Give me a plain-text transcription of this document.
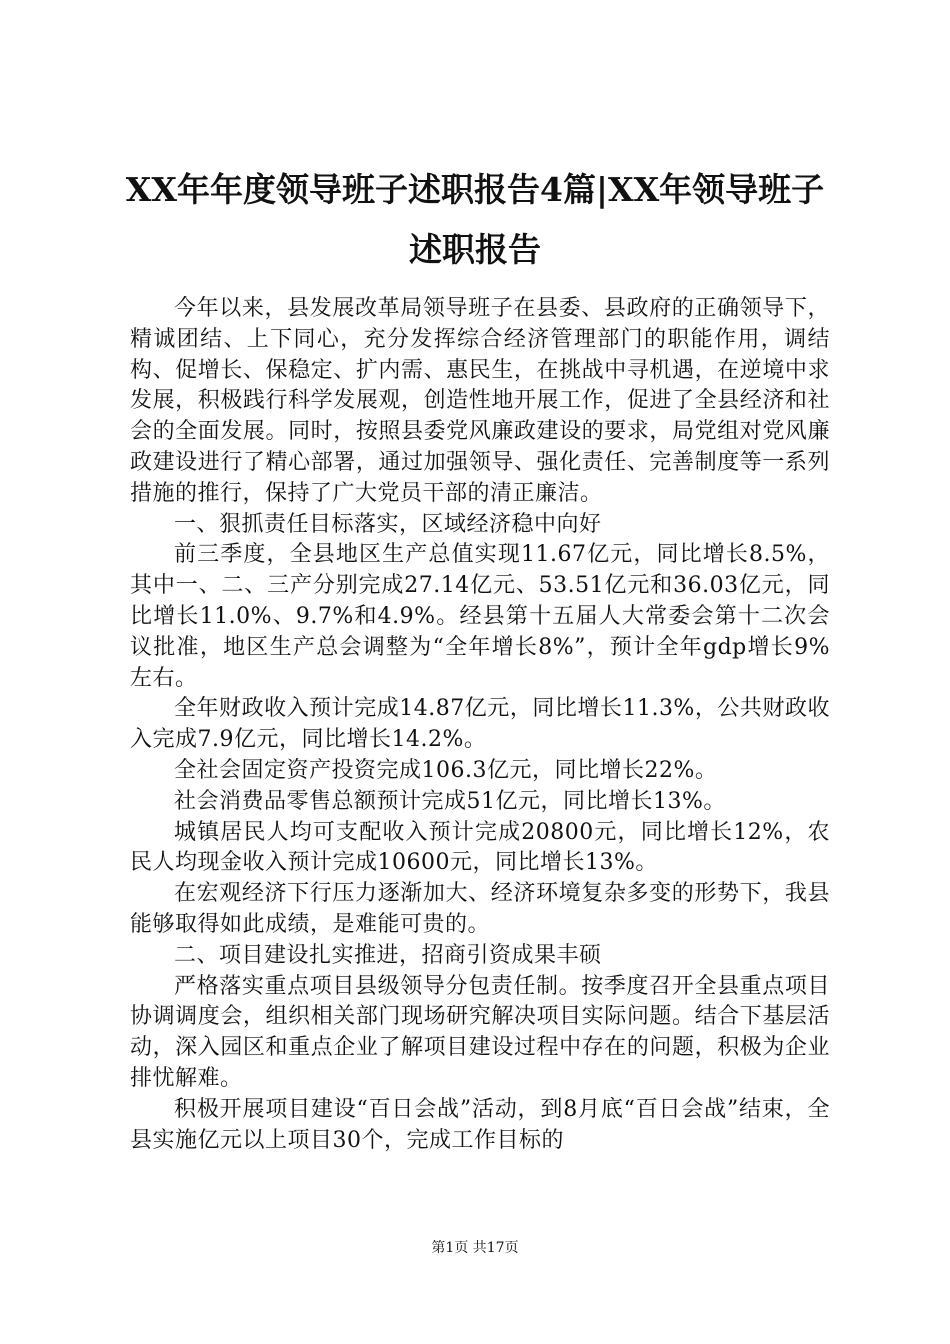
XX年年度领导班子述职报告4篇|XX年领导班子述职报告

今年以来，县发展改革局领导班子在县委、县政府的正确领导下，精诚团结、上下同心，充分发挥综合经济管理部门的职能作用，调结构、促增长、保稳定、扩内需、惠民生，在挑战中寻机遇，在逆境中求发展，积极践行科学发展观，创造性地开展工作，促进了全县经济和社会的全面发展。同时，按照县委党风廉政建设的要求，局党组对党风廉政建设进行了精心部署，通过加强领导、强化责任、完善制度等一系列措施的推行，保持了广大党员干部的清正廉洁。

一、狠抓责任目标落实，区域经济稳中向好

前三季度，全县地区生产总值实现11.67亿元，同比增长8.5%，其中一、二、三产分别完成27.14亿元、53.51亿元和36.03亿元，同比增长11.0%、9.7%和4.9%。经县第十五届人大常委会第十二次会议批准，地区生产总会调整为“全年增长8%”，预计全年gdp增长9%左右。

全年财政收入预计完成14.87亿元，同比增长11.3%，公共财政收入完成7.9亿元，同比增长14.2%。

全社会固定资产投资完成106.3亿元，同比增长22%。

社会消费品零售总额预计完成51亿元，同比增长13%。

城镇居民人均可支配收入预计完成20800元，同比增长12%，农民人均现金收入预计完成10600元，同比增长13%。

在宏观经济下行压力逐渐加大、经济环境复杂多变的形势下，我县能够取得如此成绩，是难能可贵的。

二、项目建设扎实推进，招商引资成果丰硕

严格落实重点项目县级领导分包责任制。按季度召开全县重点项目协调调度会，组织相关部门现场研究解决项目实际问题。结合下基层活动，深入园区和重点企业了解项目建设过程中存在的问题，积极为企业排忧解难。

积极开展项目建设“百日会战”活动，到8月底“百日会战”结束，全县实施亿元以上项目30个，完成工作目标的

第1页 共17页
